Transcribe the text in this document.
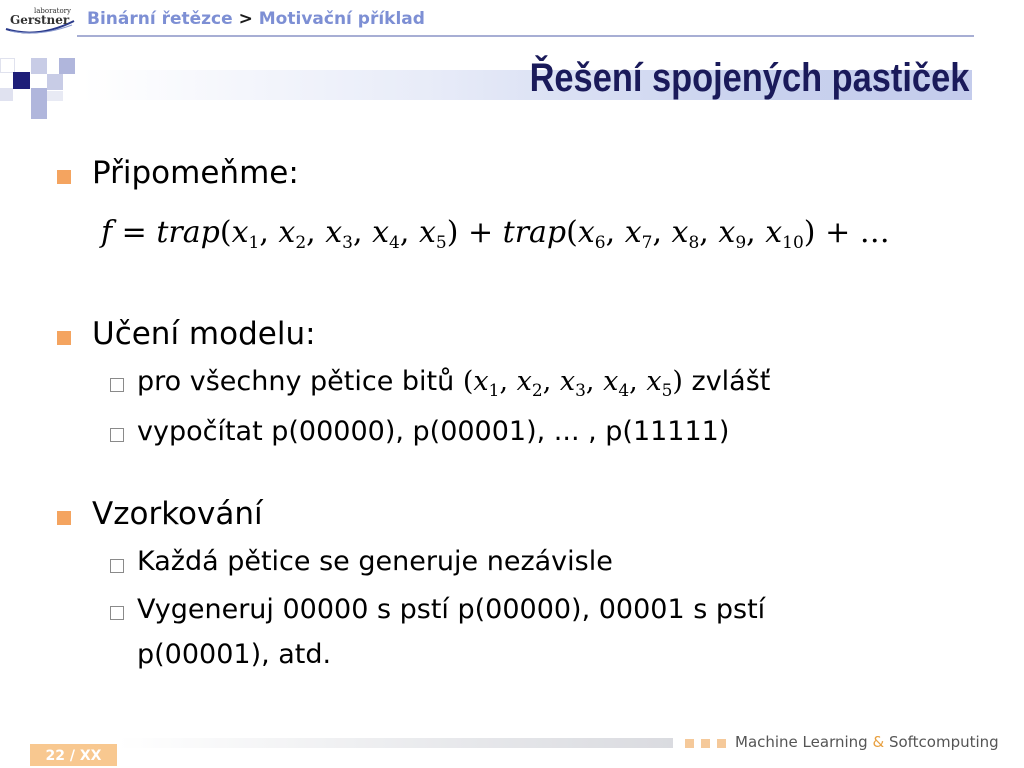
laboratory
Gerstner Binární řetězce > Motivační příklad
Řešení spojených pastiček
Připomeňme:
$f = trap(x_1$, $x_2$, $x_3$, $x_4$, $x_5$) + $trap(x_6$, $x_7$, $x_8$, $x_9$, $x_{10}$) + …
Učení modelu:
pro všechny pětice bitů ($x_1$, $x_2$, $x_3$, $x_4$, $x_5$) zvlášť
vypočítat p(00000), p(00001), ... , p(11111)
Vzorkování
Každá pětice se generuje nezávisle
Vygeneruj 00000 s pstí p(00000), 00001 s pstí
p(00001), atd.
Machine Learning & Softcomputing
22 / XX
